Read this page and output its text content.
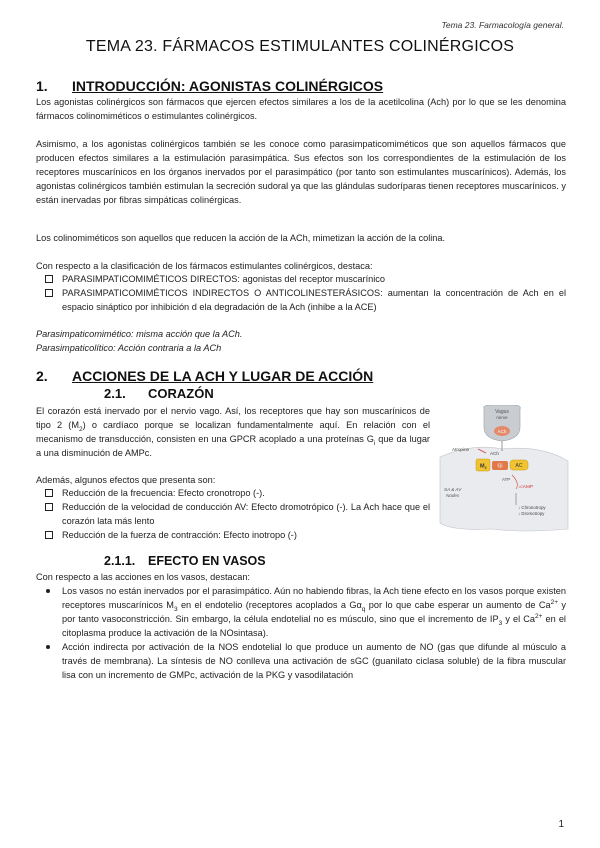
Tema 23. Farmacología general.
TEMA 23. FÁRMACOS ESTIMULANTES COLINÉRGICOS
1. INTRODUCCIÓN: AGONISTAS COLINÉRGICOS
Los agonistas colinérgicos son fármacos que ejercen efectos similares a los de la acetilcolina (Ach) por lo que se les denomina fármacos colinomiméticos o estimulantes colinérgicos.
Asimismo, a los agonistas colinérgicos también se les conoce como parasimpaticomiméticos que son aquellos fármacos que producen efectos similares a la estimulación parasimpática. Sus efectos son los correspondientes de la estimulación de los receptores muscarínicos en los órganos inervados por el parasimpático (por tanto son estimulantes muscarínicos). Además, los agonistas colinérgicos también estimulan la secreción sudoral ya que las glándulas sudoríparas tienen receptores muscarínicos. y están inervadas por fibras simpáticas colinérgicas.
Los colinomiméticos son aquellos que reducen la acción de la ACh, mimetizan la acción de la colina.
Con respecto a la clasificación de los fármacos estimulantes colinérgicos, destaca:
PARASIMPATICOMIMÉTICOS DIRECTOS: agonistas del receptor muscarínico
PARASIMPATICOMIMÉTICOS INDIRECTOS O ANTICOLINESTERÁSICOS: aumentan la concentración de Ach en el espacio sináptico por inhibición d ela degradación de la Ach (inhibe a la ACE)
Parasimpaticomimético: misma acción que la ACh.
Parasimpaticolítico: Acción contraria a la ACh
2. ACCIONES DE LA ACH Y LUGAR DE ACCIÓN
2.1. CORAZÓN
El corazón está inervado por el nervio vago. Así, los receptores que hay son muscarínicos de tipo 2 $(M_2)$ o cardíaco porque se localizan fundamentalmente aquí. En relación con el mecanismo de transducción, consisten en una GPCR acoplado a una proteínas $G_i$ que da lugar a una disminución de AMPc.
Además, algunos efectos que presenta son:
Reducción de la frecuencia: Efecto cronotropo (-).
Reducción de la velocidad de conducción AV: Efecto dromotrópico (-). La Ach hace que el corazón lata más lento
Reducción de la fuerza de contracción: Efecto inotropo (-)
Vagus
nerve
ACh
Atropine
ACh
$M_2$ Gi	AC
ATP
↓cAMP
SA & AV
Nodes
↓ Chronotropy
↓ Dromotropy
2.1.1. EFECTO EN VASOS
Con respecto a las acciones en los vasos, destacan:
Los vasos no están inervados por el parasimpático. Aún no habiendo fibras, la Ach tiene efecto en los vasos porque existen receptores muscarínicos $M_3$ en el endotelio (receptores acoplados a $G\alpha_q$ por lo que cabe esperar un aumento de $Ca^{2+}$ y por tanto vasoconstricción. Sin embargo, la célula endotelial no es músculo, sino que el incremento de $IP_3$ y el $Ca^{2+}$ en el citoplasma produce la activación de la NOsintasa).
Acción indirecta por activación de la NOS endotelial lo que produce un aumento de NO (gas que difunde al músculo a través de membrana). La síntesis de NO conlleva una activación de sGC (guanilato ciclasa soluble) de la fibra muscular lisa con un incremento de GMPc, activación de la PKG y vasodilatación
1
